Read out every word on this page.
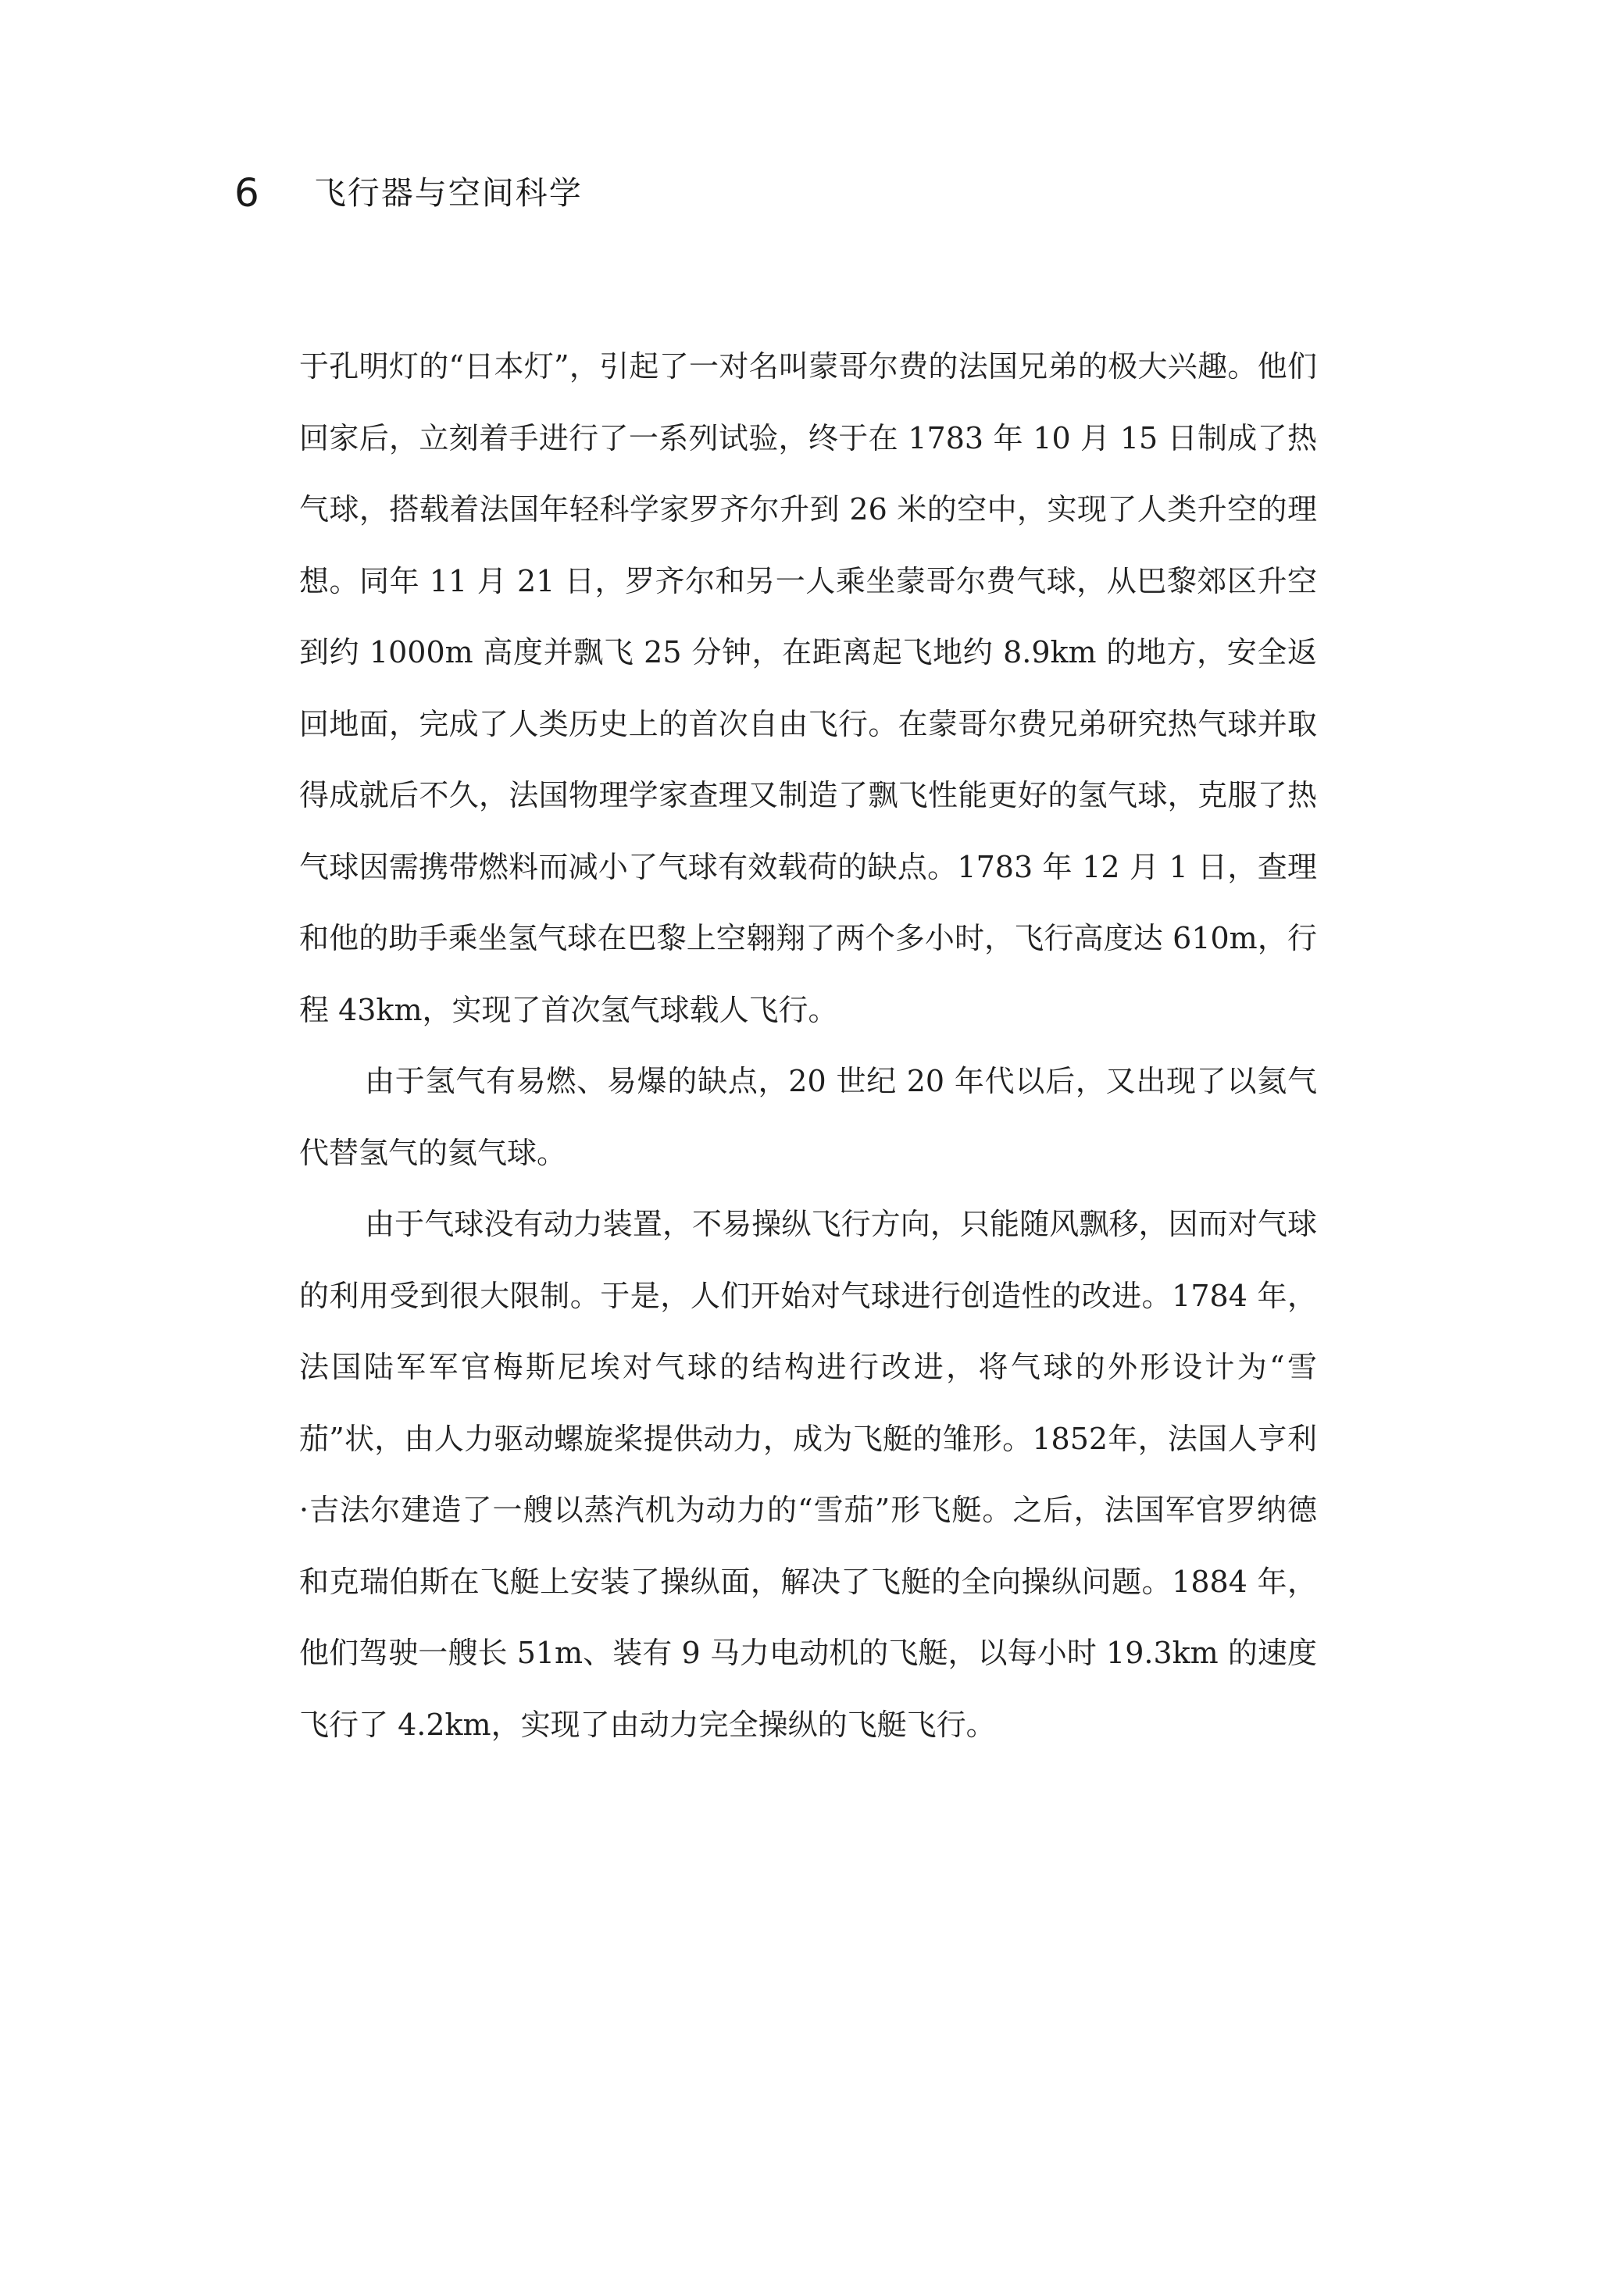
6 飞行器与空间科学

于孔明灯的“日本灯”，引起了一对名叫蒙哥尔费的法国兄弟的极大兴趣。他们回家后，立刻着手进行了一系列试验，终于在 1783 年 10 月 15 日制成了热气球，搭载着法国年轻科学家罗齐尔升到 26 米的空中，实现了人类升空的理想。同年 11 月 21 日，罗齐尔和另一人乘坐蒙哥尔费气球，从巴黎郊区升空到约 1000m 高度并飘飞 25 分钟，在距离起飞地约 8.9km 的地方，安全返回地面，完成了人类历史上的首次自由飞行。在蒙哥尔费兄弟研究热气球并取得成就后不久，法国物理学家查理又制造了飘飞性能更好的氢气球，克服了热气球因需携带燃料而减小了气球有效载荷的缺点。1783 年 12 月 1 日，查理和他的助手乘坐氢气球在巴黎上空翱翔了两个多小时，飞行高度达 610m，行程 43km，实现了首次氢气球载人飞行。

由于氢气有易燃、易爆的缺点，20 世纪 20 年代以后，又出现了以氦气代替氢气的氦气球。

由于气球没有动力装置，不易操纵飞行方向，只能随风飘移，因而对气球的利用受到很大限制。于是，人们开始对气球进行创造性的改进。1784 年，法国陆军军官梅斯尼埃对气球的结构进行改进，将气球的外形设计为“雪茄”状，由人力驱动螺旋桨提供动力，成为飞艇的雏形。1852年，法国人亨利·吉法尔建造了一艘以蒸汽机为动力的“雪茄”形飞艇。之后，法国军官罗纳德和克瑞伯斯在飞艇上安装了操纵面，解决了飞艇的全向操纵问题。1884 年，他们驾驶一艘长 51m、装有 9 马力电动机的飞艇，以每小时 19.3km 的速度飞行了 4.2km，实现了由动力完全操纵的飞艇飞行。
